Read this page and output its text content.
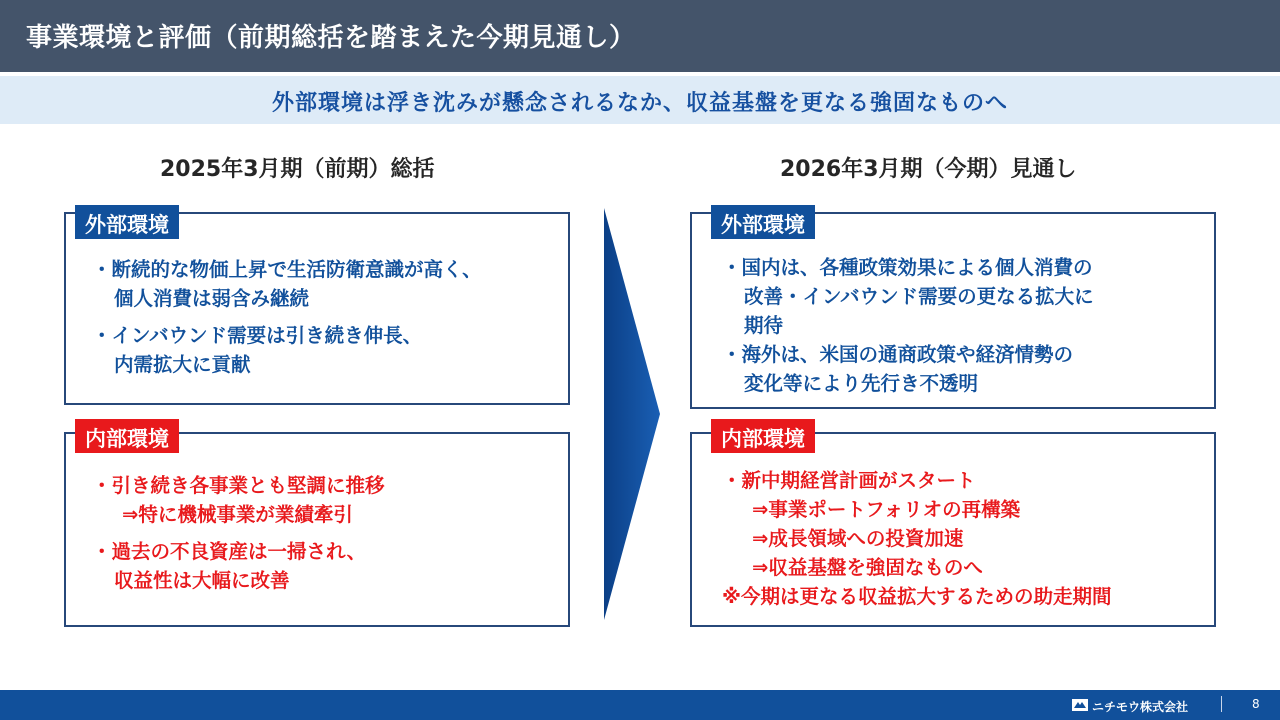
事業環境と評価（前期総括を踏まえた今期見通し）
外部環境は浮き沈みが懸念されるなか、収益基盤を更なる強固なものへ
2025年3月期（前期）総括
外部環境
・断続的な物価上昇で生活防衛意識が高く、
個人消費は弱含み継続
・インバウンド需要は引き続き伸長、
内需拡大に貢献
内部環境
・引き続き各事業とも堅調に推移
⇒特に機械事業が業績牽引
・過去の不良資産は一掃され、
収益性は大幅に改善
2026年3月期（今期）見通し
外部環境
・国内は、各種政策効果による個人消費の
改善・インバウンド需要の更なる拡大に
期待
・海外は、米国の通商政策や経済情勢の
変化等により先行き不透明
内部環境
・新中期経営計画がスタート
⇒事業ポートフォリオの再構築
⇒成長領域への投資加速
⇒収益基盤を強固なものへ
※今期は更なる収益拡大するための助走期間
ニチモウ株式会社	8
